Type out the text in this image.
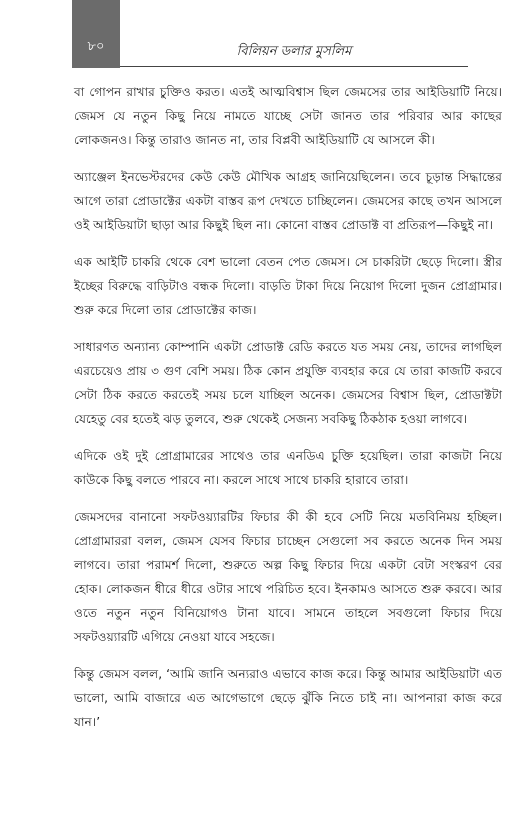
৮০	বিলিয়ন ডলার মুসলিম

বা গোপন রাখার চুক্তিও করত। এতই আত্মবিশ্বাস ছিল জেমসের তার আইডিয়াটি নিয়ে। জেমস যে নতুন কিছু নিয়ে নামতে যাচ্ছে সেটা জানত তার পরিবার আর কাছের লোকজনও। কিন্তু তারাও জানত না, তার বিপ্লবী আইডিয়াটি যে আসলে কী।

অ্যাঞ্জেল ইনভেস্টরদের কেউ কেউ মৌখিক আগ্রহ জানিয়েছিলেন। তবে চূড়ান্ত সিদ্ধান্তের আগে তারা প্রোডাক্টের একটা বাস্তব রূপ দেখতে চাচ্ছিলেন। জেমসের কাছে তখন আসলে ওই আইডিয়াটা ছাড়া আর কিছুই ছিল না। কোনো বাস্তব প্রোডাক্ট বা প্রতিরূপ—কিছুই না।

এক আইটি চাকরি থেকে বেশ ভালো বেতন পেত জেমস। সে চাকরিটা ছেড়ে দিলো। স্ত্রীর ইচ্ছের বিরুদ্ধে বাড়িটাও বন্ধক দিলো। বাড়তি টাকা দিয়ে নিয়োগ দিলো দুজন প্রোগ্রামার। শুরু করে দিলো তার প্রোডাক্টের কাজ।

সাধারণত অন্যান্য কোম্পানি একটা প্রোডাক্ট রেডি করতে যত সময় নেয়, তাদের লাগছিল এরচেয়েও প্রায় ৩ গুণ বেশি সময়। ঠিক কোন প্রযুক্তি ব্যবহার করে যে তারা কাজটি করবে সেটা ঠিক করতে করতেই সময় চলে যাচ্ছিল অনেক। জেমসের বিশ্বাস ছিল, প্রোডাক্টটা যেহেতু বের হতেই ঝড় তুলবে, শুরু থেকেই সেজন্য সবকিছু ঠিকঠাক হওয়া লাগবে।

এদিকে ওই দুই প্রোগ্রামারের সাথেও তার এনডিএ চুক্তি হয়েছিল। তারা কাজটা নিয়ে কাউকে কিছু বলতে পারবে না। করলে সাথে সাথে চাকরি হারাবে তারা।

জেমসদের বানানো সফটওয়্যারটির ফিচার কী কী হবে সেটি নিয়ে মতবিনিময় হচ্ছিল। প্রোগ্রামাররা বলল, জেমস যেসব ফিচার চাচ্ছেন সেগুলো সব করতে অনেক দিন সময় লাগবে। তারা পরামর্শ দিলো, শুরুতে অল্প কিছু ফিচার দিয়ে একটা বেটা সংস্করণ বের হোক। লোকজন ধীরে ধীরে ওটার সাথে পরিচিত হবে। ইনকামও আসতে শুরু করবে। আর ওতে নতুন নতুন বিনিয়োগও টানা যাবে। সামনে তাহলে সবগুলো ফিচার দিয়ে সফটওয়্যারটি এগিয়ে নেওয়া যাবে সহজে।

কিন্তু জেমস বলল, ‘আমি জানি অন্যরাও এভাবে কাজ করে। কিন্তু আমার আইডিয়াটা এত ভালো, আমি বাজারে এত আগেভাগে ছেড়ে ঝুঁকি নিতে চাই না। আপনারা কাজ করে যান।’
